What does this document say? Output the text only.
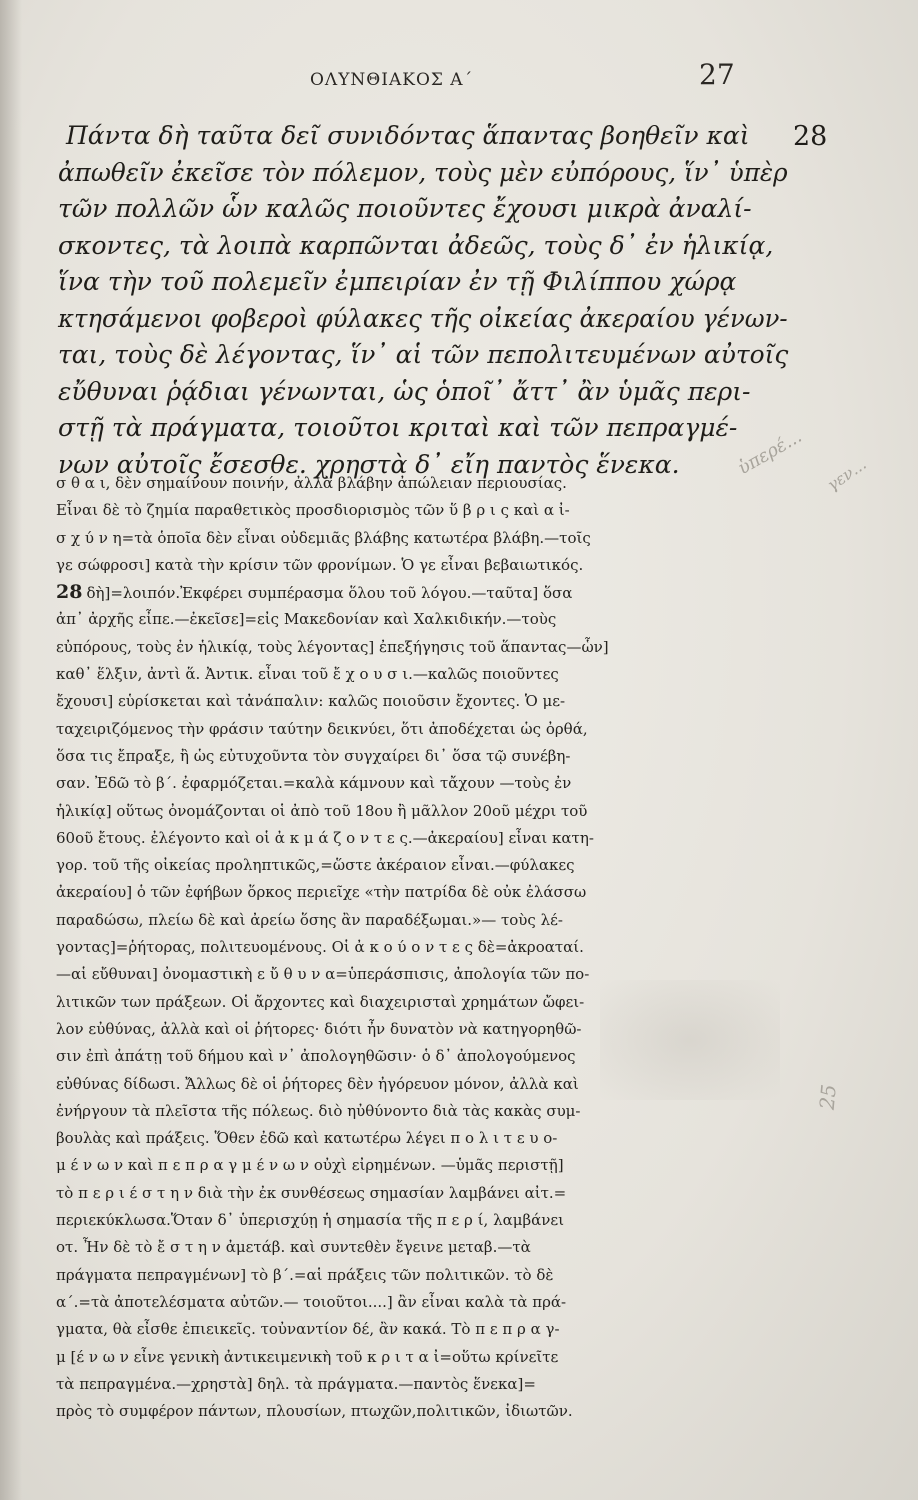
ΟΛΥΝΘΙΑΚΟΣ Α΄	27
28
Πάντα δὴ ταῦτα δεῖ συνιδόντας ἅπαντας βοηθεῖν καὶ
ἀπωθεῖν ἐκεῖσε τὸν πόλεμον, τοὺς μὲν εὐπόρους, ἵν᾽ ὑπὲρ
τῶν πολλῶν ὧν καλῶς ποιοῦντες ἔχουσι μικρὰ ἀναλί-
σκοντες, τὰ λοιπὰ καρπῶνται ἀδεῶς, τοὺς δ᾽ ἐν ἡλικίᾳ,
ἵνα τὴν τοῦ πολεμεῖν ἐμπειρίαν ἐν τῇ Φιλίππου χώρᾳ
κτησάμενοι φοβεροὶ φύλακες τῆς οἰκείας ἀκεραίου γένων-
ται, τοὺς δὲ λέγοντας, ἵν᾽ αἱ τῶν πεπολιτευμένων αὐτοῖς
εὔθυναι ῥᾴδιαι γένωνται, ὡς ὁποῖ᾽ ἄττ᾽ ἂν ὑμᾶς περι-
στῇ τὰ πράγματα, τοιοῦτοι κριταὶ καὶ τῶν πεπραγμέ-
νων αὐτοῖς ἔσεσθε. χρηστὰ δ᾽ εἴη παντὸς ἕνεκα.
σ θ α ι, δὲν σημαίνουν ποινήν, ἀλλὰ βλάβην ἀπώλειαν περιουσίας.
Εἶναι δὲ τὸ ζημία παραθετικὸς προσδιορισμὸς τῶν ὕ β ρ ι ς καὶ α ἰ-
σ χ ύ ν η=τὰ ὁποῖα δὲν εἶναι οὐδεμιᾶς βλάβης κατωτέρα βλάβη.—τοῖς
γε σώφροσι] κατὰ τὴν κρίσιν τῶν φρονίμων. Ὁ γε εἶναι βεβαιωτικός.
28 δὴ]=λοιπόν.Ἐκφέρει συμπέρασμα ὅλου τοῦ λόγου.—ταῦτα] ὅσα
ἀπ᾽ ἀρχῆς εἶπε.—ἐκεῖσε]=εἰς Μακεδονίαν καὶ Χαλκιδικήν.—τοὺς
εὐπόρους, τοὺς ἐν ἡλικίᾳ, τοὺς λέγοντας] ἐπεξήγησις τοῦ ἅπαντας—ὧν]
καθ᾽ ἕλξιν, ἀντὶ ἅ. Ἀντικ. εἶναι τοῦ ἔ χ ο υ σ ι.—καλῶς ποιοῦντες
ἔχουσι] εὑρίσκεται καὶ τἀνάπαλιν: καλῶς ποιοῦσιν ἔχοντες. Ὁ με-
ταχειριζόμενος τὴν φράσιν ταύτην δεικνύει, ὅτι ἀποδέχεται ὡς ὀρθά,
ὅσα τις ἔπραξε, ἢ ὡς εὐτυχοῦντα τὸν συγχαίρει δι᾽ ὅσα τῷ συνέβη-
σαν. Ἐδῶ τὸ β΄. ἐφαρμόζεται.=καλὰ κάμνουν καὶ τἄχουν —τοὺς ἐν
ἡλικίᾳ] οὕτως ὀνομάζονται οἱ ἀπὸ τοῦ 18ου ἢ μᾶλλον 20οῦ μέχρι τοῦ
60οῦ ἔτους. ἐλέγοντο καὶ οἱ ἀ κ μ ά ζ ο ν τ ε ς.—ἀκεραίου] εἶναι κατη-
γορ. τοῦ τῆς οἰκείας προληπτικῶς,=ὥστε ἀκέραιον εἶναι.—φύλακες
ἀκεραίου] ὁ τῶν ἐφήβων ὅρκος περιεῖχε «τὴν πατρίδα δὲ οὐκ ἐλάσσω
παραδώσω, πλείω δὲ καὶ ἀρείω ὅσης ἂν παραδέξωμαι.»— τοὺς λέ-
γοντας]=ῥήτορας, πολιτευομένους. Οἱ ἀ κ ο ύ ο ν τ ε ς δὲ=ἀκροαταί.
—αἱ εὔθυναι] ὀνομαστικὴ ε ὔ θ υ ν α=ὑπεράσπισις, ἀπολογία τῶν πο-
λιτικῶν των πράξεων. Οἱ ἄρχοντες καὶ διαχειρισταὶ χρημάτων ὤφει-
λον εὐθύνας, ἀλλὰ καὶ οἱ ῥήτορες· διότι ἦν δυνατὸν νὰ κατηγορηθῶ-
σιν ἐπὶ ἀπάτῃ τοῦ δήμου καὶ ν᾽ ἀπολογηθῶσιν· ὁ δ᾽ ἀπολογούμενος
εὐθύνας δίδωσι. Ἄλλως δὲ οἱ ῥήτορες δὲν ἠγόρευον μόνον, ἀλλὰ καὶ
ἐνήργουν τὰ πλεῖστα τῆς πόλεως. διὸ ηὐθύνοντο διὰ τὰς κακὰς συμ-
βουλὰς καὶ πράξεις. Ὅθεν ἐδῶ καὶ κατωτέρω λέγει π ο λ ι τ ε υ ο-
μ έ ν ω ν καὶ π ε π ρ α γ μ έ ν ω ν οὐχὶ εἰρημένων. —ὑμᾶς περιστῇ]
τὸ π ε ρ ι έ σ τ η ν διὰ τὴν ἐκ συνθέσεως σημασίαν λαμβάνει αἰτ.=
περιεκύκλωσα.Ὅταν δ᾽ ὑπερισχύῃ ἡ σημασία τῆς π ε ρ ί, λαμβάνει
οτ. Ἦν δὲ τὸ ἔ σ τ η ν ἀμετάβ. καὶ συντεθὲν ἔγεινε μεταβ.—τὰ
πράγματα πεπραγμένων] τὸ β΄.=αἱ πράξεις τῶν πολιτικῶν. τὸ δὲ
α΄.=τὰ ἀποτελέσματα αὐτῶν.— τοιοῦτοι....] ἂν εἶναι καλὰ τὰ πρά-
γματα, θὰ εἶσθε ἐπιεικεῖς. τοὐναντίον δέ, ἂν κακά. Τὸ π ε π ρ α γ-
μ [έ ν ω ν εἶνε γενικὴ ἀντικειμενικὴ τοῦ κ ρ ι τ α ἰ=οὕτω κρίνεῖτε
τὰ πεπραγμένα.—χρηστὰ] δηλ. τὰ πράγματα.—παντὸς ἕνεκα]=
πρὸς τὸ συμφέρον πάντων, πλουσίων, πτωχῶν,πολιτικῶν, ἰδιωτῶν.
ὑπερέ... γεν...
25
